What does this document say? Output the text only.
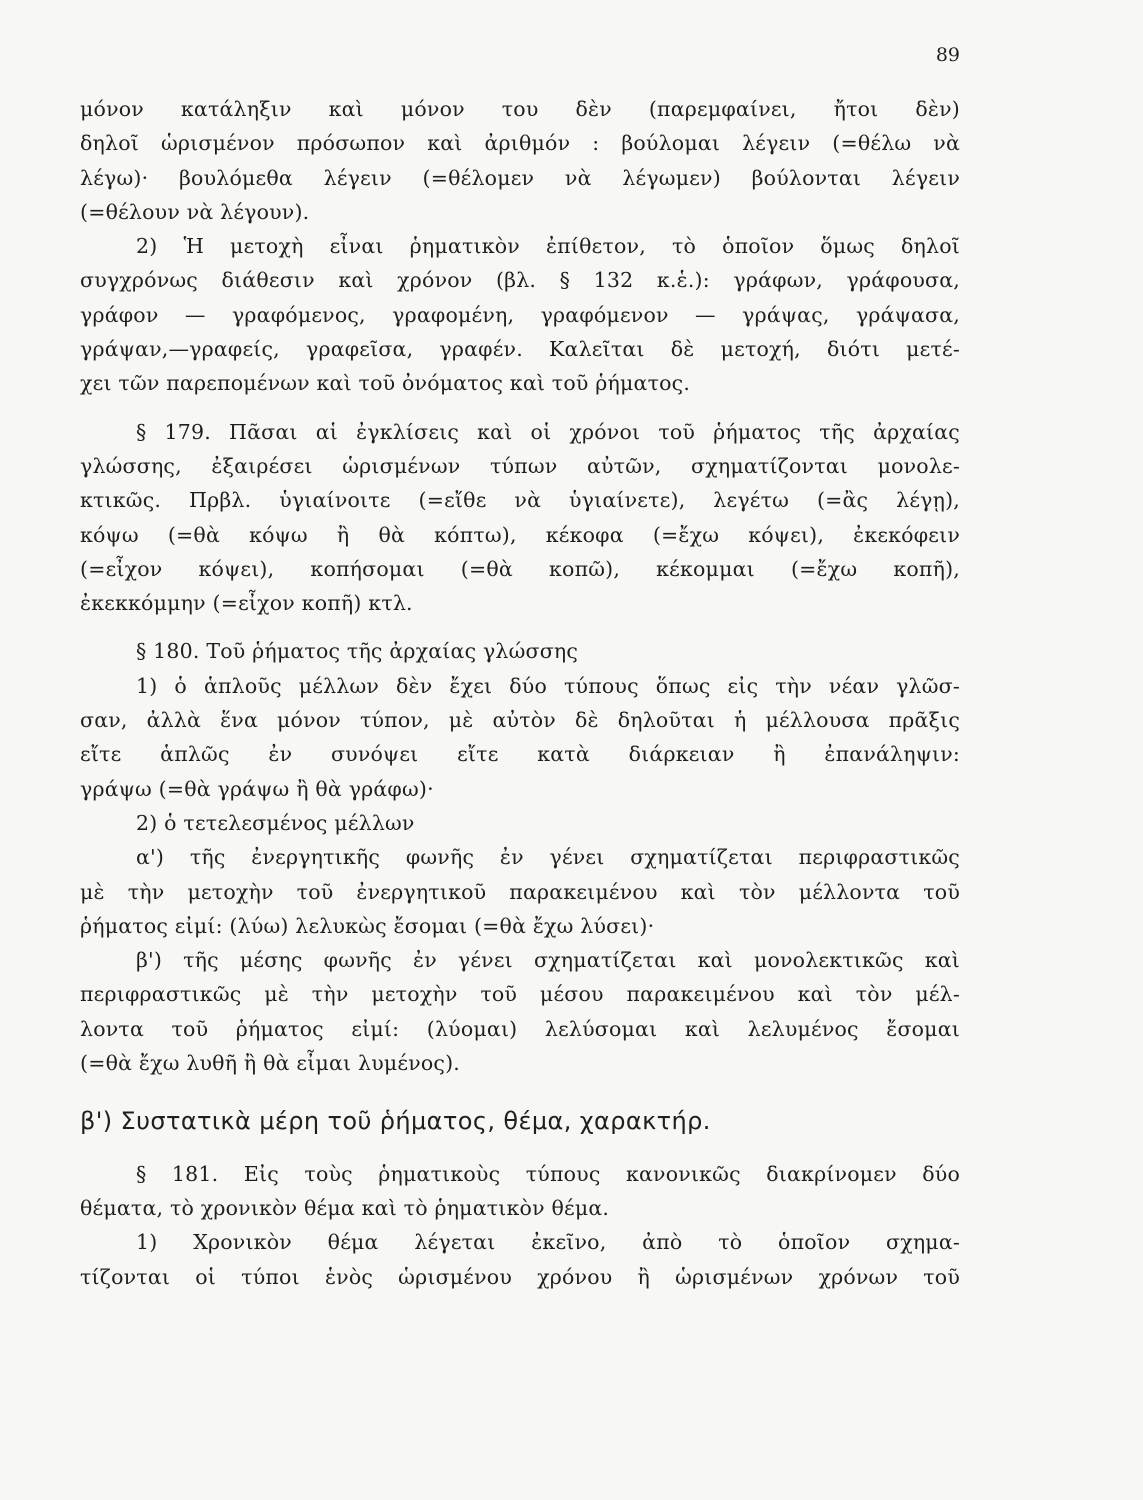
89
μόνον κατάληξιν καὶ μόνον του δὲν (παρεμφαίνει, ἤτοι δὲν)
δηλοῖ ὡρισμένον πρόσωπον καὶ ἀριθμόν : βούλομαι λέγειν (=θέλω νὰ
λέγω)· βουλόμεθα λέγειν (=θέλομεν νὰ λέγωμεν) βούλονται λέγειν
(=θέλουν νὰ λέγουν).
2) Ἡ μετοχὴ εἶναι ῥηματικὸν ἐπίθετον, τὸ ὁποῖον ὅμως δηλοῖ
συγχρόνως διάθεσιν καὶ χρόνον (βλ. § 132 κ.ἑ.): γράφων, γράφουσα,
γράφον — γραφόμενος, γραφομένη, γραφόμενον — γράψας, γράψασα,
γράψαν,—γραφείς, γραφεῖσα, γραφέν. Καλεῖται δὲ μετοχή, διότι μετέ-
χει τῶν παρεπομένων καὶ τοῦ ὀνόματος καὶ τοῦ ῥήματος.
§ 179. Πᾶσαι αἱ ἐγκλίσεις καὶ οἱ χρόνοι τοῦ ῥήματος τῆς ἀρχαίας
γλώσσης, ἐξαιρέσει ὡρισμένων τύπων αὐτῶν, σχηματίζονται μονολε-
κτικῶς. Πρβλ. ὑγιαίνοιτε (=εἴθε νὰ ὑγιαίνετε), λεγέτω (=ἂς λέγῃ),
κόψω (=θὰ κόψω ἢ θὰ κόπτω), κέκοφα (=ἔχω κόψει), ἐκεκόφειν
(=εἶχον κόψει), κοπήσομαι (=θὰ κοπῶ), κέκομμαι (=ἔχω κοπῆ),
ἐκεκκόμμην (=εἶχον κοπῆ) κτλ.
§ 180. Τοῦ ῥήματος τῆς ἀρχαίας γλώσσης
1) ὁ ἁπλοῦς μέλλων δὲν ἔχει δύο τύπους ὅπως εἰς τὴν νέαν γλῶσ-
σαν, ἀλλὰ ἕνα μόνον τύπον, μὲ αὐτὸν δὲ δηλοῦται ἡ μέλλουσα πρᾶξις
εἴτε ἁπλῶς ἐν συνόψει εἴτε κατὰ διάρκειαν ἢ ἐπανάληψιν:
γράψω (=θὰ γράψω ἢ θὰ γράφω)·
2) ὁ τετελεσμένος μέλλων
α') τῆς ἐνεργητικῆς φωνῆς ἐν γένει σχηματίζεται περιφραστικῶς
μὲ τὴν μετοχὴν τοῦ ἐνεργητικοῦ παρακειμένου καὶ τὸν μέλλοντα τοῦ
ῥήματος εἰμί: (λύω) λελυκὼς ἔσομαι (=θὰ ἔχω λύσει)·
β') τῆς μέσης φωνῆς ἐν γένει σχηματίζεται καὶ μονολεκτικῶς καὶ
περιφραστικῶς μὲ τὴν μετοχὴν τοῦ μέσου παρακειμένου καὶ τὸν μέλ-
λοντα τοῦ ῥήματος εἰμί: (λύομαι) λελύσομαι καὶ λελυμένος ἔσομαι
(=θὰ ἔχω λυθῆ ἢ θὰ εἶμαι λυμένος).
β') Συστατικὰ μέρη τοῦ ῥήματος, θέμα, χαρακτήρ.
§ 181. Εἰς τοὺς ῥηματικοὺς τύπους κανονικῶς διακρίνομεν δύο
θέματα, τὸ χρονικὸν θέμα καὶ τὸ ῥηματικὸν θέμα.
1) Χρονικὸν θέμα λέγεται ἐκεῖνο, ἀπὸ τὸ ὁποῖον σχημα-
τίζονται οἱ τύποι ἑνὸς ὡρισμένου χρόνου ἢ ὡρισμένων χρόνων τοῦ
